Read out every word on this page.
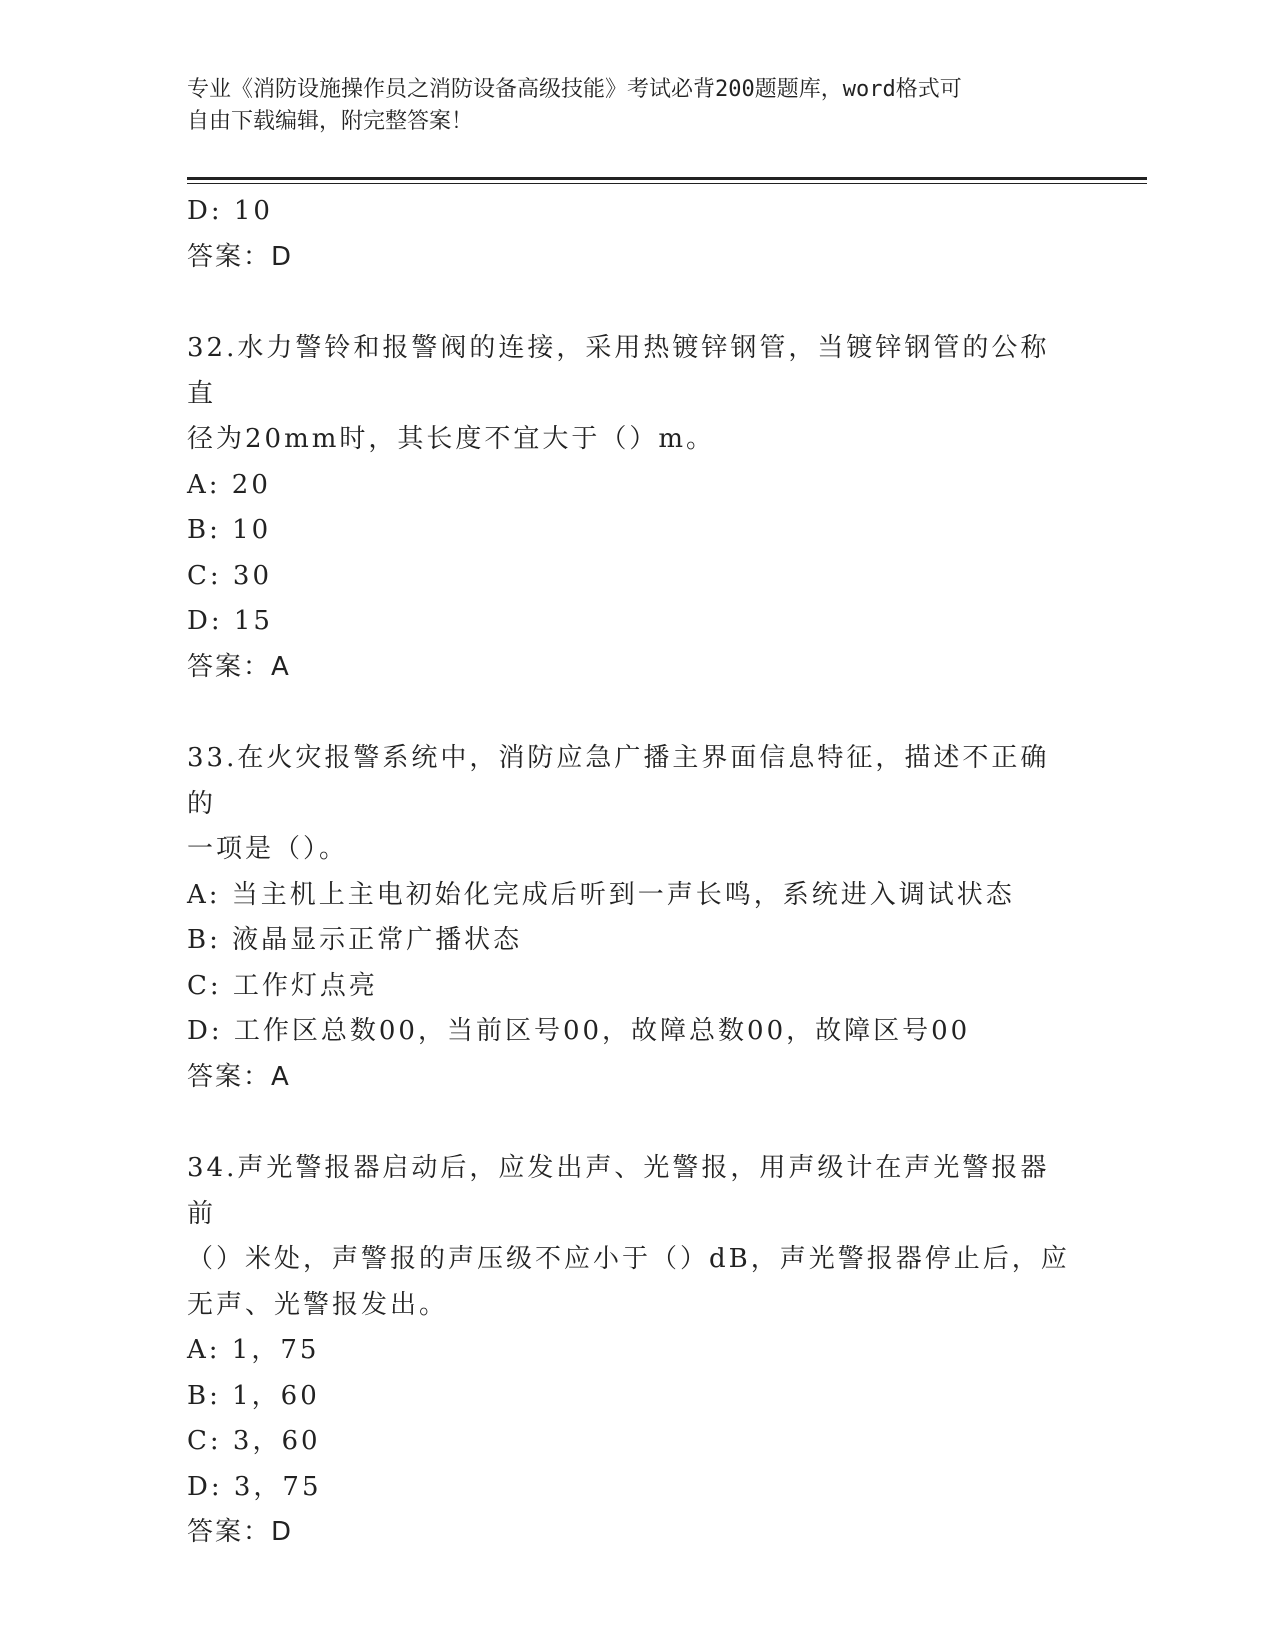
专业《消防设施操作员之消防设备高级技能》考试必背200题题库，word格式可
自由下载编辑，附完整答案！
D: 10
答案：D
32.水力警铃和报警阀的连接，采用热镀锌钢管，当镀锌钢管的公称直
径为20mm时，其长度不宜大于（）m。
A: 20
B: 10
C: 30
D: 15
答案：A
33.在火灾报警系统中，消防应急广播主界面信息特征，描述不正确的
一项是（）。
A: 当主机上主电初始化完成后听到一声长鸣，系统进入调试状态
B: 液晶显示正常广播状态
C: 工作灯点亮
D: 工作区总数00，当前区号00，故障总数00，故障区号00
答案：A
34.声光警报器启动后，应发出声、光警报，用声级计在声光警报器前
（）米处，声警报的声压级不应小于（）dB，声光警报器停止后，应
无声、光警报发出。
A: 1，75
B: 1，60
C: 3，60
D: 3，75
答案：D
